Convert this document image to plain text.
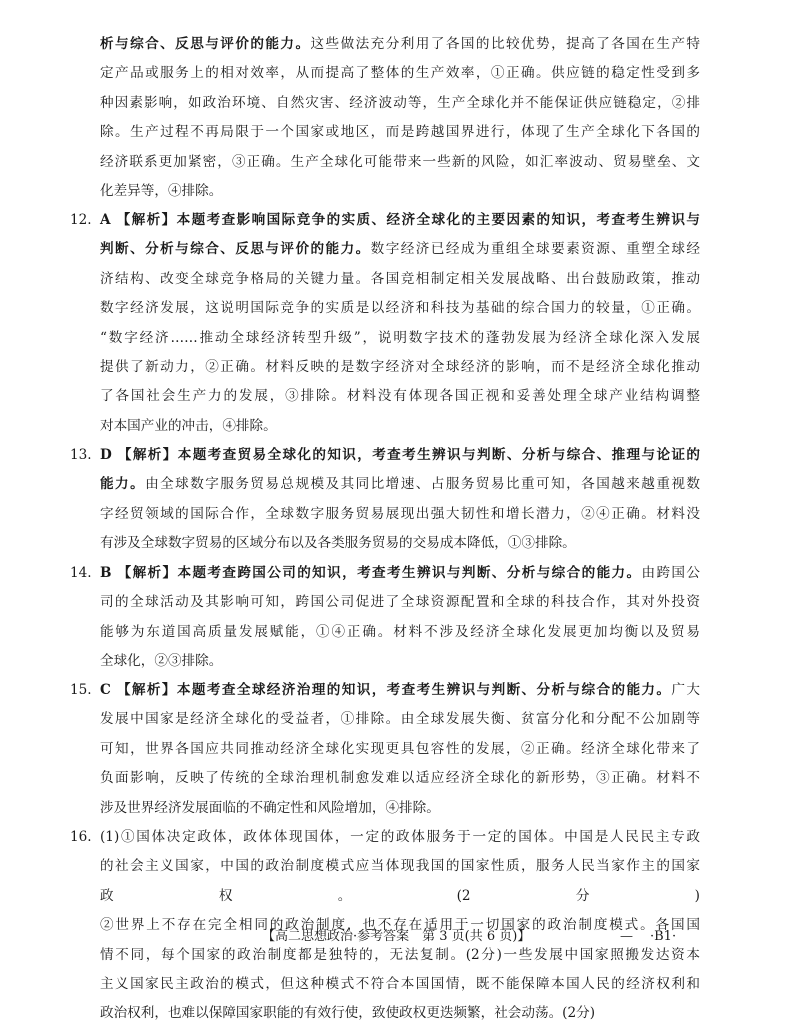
析与综合、反思与评价的能力。这些做法充分利用了各国的比较优势，提高了各国在生产特
定产品或服务上的相对效率，从而提高了整体的生产效率，①正确。供应链的稳定性受到多
种因素影响，如政治环境、自然灾害、经济波动等，生产全球化并不能保证供应链稳定，②排
除。生产过程不再局限于一个国家或地区，而是跨越国界进行，体现了生产全球化下各国的
经济联系更加紧密，③正确。生产全球化可能带来一些新的风险，如汇率波动、贸易壁垒、文
化差异等，④排除。
12. A 【解析】本题考查影响国际竞争的实质、经济全球化的主要因素的知识，考查考生辨识与
判断、分析与综合、反思与评价的能力。数字经济已经成为重组全球要素资源、重塑全球经
济结构、改变全球竞争格局的关键力量。各国竞相制定相关发展战略、出台鼓励政策，推动
数字经济发展，这说明国际竞争的实质是以经济和科技为基础的综合国力的较量，①正确。
“数字经济……推动全球经济转型升级”，说明数字技术的蓬勃发展为经济全球化深入发展
提供了新动力，②正确。材料反映的是数字经济对全球经济的影响，而不是经济全球化推动
了各国社会生产力的发展，③排除。材料没有体现各国正视和妥善处理全球产业结构调整
对本国产业的冲击，④排除。
13. D 【解析】本题考查贸易全球化的知识，考查考生辨识与判断、分析与综合、推理与论证的
能力。由全球数字服务贸易总规模及其同比增速、占服务贸易比重可知，各国越来越重视数
字经贸领域的国际合作，全球数字服务贸易展现出强大韧性和增长潜力，②④正确。材料没
有涉及全球数字贸易的区域分布以及各类服务贸易的交易成本降低，①③排除。
14. B 【解析】本题考查跨国公司的知识，考查考生辨识与判断、分析与综合的能力。由跨国公
司的全球活动及其影响可知，跨国公司促进了全球资源配置和全球的科技合作，其对外投资
能够为东道国高质量发展赋能，①④正确。材料不涉及经济全球化发展更加均衡以及贸易
全球化，②③排除。
15. C 【解析】本题考查全球经济治理的知识，考查考生辨识与判断、分析与综合的能力。广大
发展中国家是经济全球化的受益者，①排除。由全球发展失衡、贫富分化和分配不公加剧等
可知，世界各国应共同推动经济全球化实现更具包容性的发展，②正确。经济全球化带来了
负面影响，反映了传统的全球治理机制愈发难以适应经济全球化的新形势，③正确。材料不
涉及世界经济发展面临的不确定性和风险增加，④排除。
16. (1)①国体决定政体，政体体现国体，一定的政体服务于一定的国体。中国是人民民主专政
的社会主义国家，中国的政治制度模式应当体现我国的国家性质，服务人民当家作主的国家
政权。(2分)
②世界上不存在完全相同的政治制度，也不存在适用于一切国家的政治制度模式。各国国
情不同，每个国家的政治制度都是独特的，无法复制。(2分)一些发展中国家照搬发达资本
主义国家民主政治的模式，但这种模式不符合本国国情，既不能保障本国人民的经济权利和
政治权利，也难以保障国家职能的有效行使，致使政权更迭频繁，社会动荡。(2分)
【高二思想政治·参考答案　第 3 页(共 6 页)】	— ·B1·
